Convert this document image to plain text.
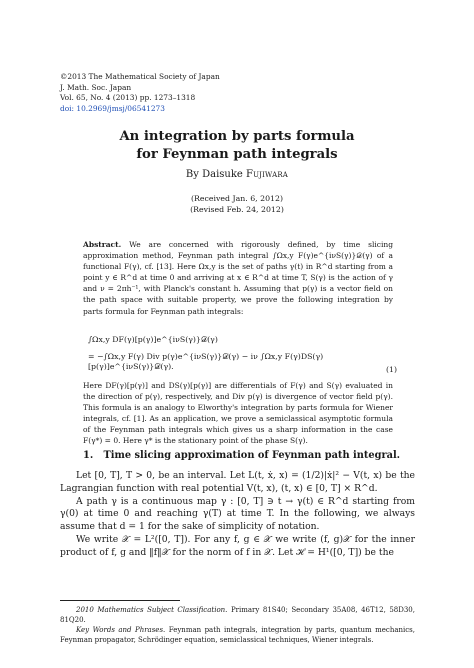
©2013 The Mathematical Society of Japan
J. Math. Soc. Japan
Vol. 65, No. 4 (2013) pp. 1273–1318
doi: 10.2969/jmsj/06541273
An integration by parts formula
for Feynman path integrals
By Daisuke Fujiwara
(Received Jan. 6, 2012)
(Revised Feb. 24, 2012)
Abstract. We are concerned with rigorously defined, by time slicing approximation method, Feynman path integral ∫Ωx,y F(γ)e^{iνS(γ)}𝒟(γ) of a functional F(γ), cf. [13]. Here Ωx,y is the set of paths γ(t) in R^d starting from a point y ∈ R^d at time 0 and arriving at x ∈ R^d at time T, S(γ) is the action of γ and ν = 2πh⁻¹, with Planck's constant h. Assuming that p(γ) is a vector field on the path space with suitable property, we prove the following integration by parts formula for Feynman path integrals:
∫Ωx,y DF(γ)[p(γ)]e^{iνS(γ)}𝒟(γ)
= −∫Ωx,y F(γ) Div p(γ)e^{iνS(γ)}𝒟(γ) − iν ∫Ωx,y F(γ)DS(γ)[p(γ)]e^{iνS(γ)}𝒟(γ).	(1)
Here DF(γ)[p(γ)] and DS(γ)[p(γ)] are differentials of F(γ) and S(γ) evaluated in the direction of p(γ), respectively, and Div p(γ) is divergence of vector field p(γ). This formula is an analogy to Elworthy's integration by parts formula for Wiener integrals, cf. [1]. As an application, we prove a semiclassical asymptotic formula of the Feynman path integrals which gives us a sharp information in the case F(γ*) = 0. Here γ* is the stationary point of the phase S(γ).
1. Time slicing approximation of Feynman path integral.

Let [0, T], T > 0, be an interval. Let L(t, ẋ, x) = (1/2)|ẋ|² − V(t, x) be the Lagrangian function with real potential V(t, x), (t, x) ∈ [0, T] × R^d.

A path γ is a continuous map γ : [0, T] ∋ t → γ(t) ∈ R^d starting from γ(0) at time 0 and reaching γ(T) at time T. In the following, we always assume that d = 1 for the sake of simplicity of notation.

We write 𝒳 = L²([0, T]). For any f, g ∈ 𝒳 we write (f, g)𝒳 for the inner product of f, g and ‖f‖𝒳 for the norm of f in 𝒳. Let ℋ = H¹([0, T]) be the

2010 Mathematics Subject Classification. Primary 81S40; Secondary 35A08, 46T12, 58D30, 81Q20.

Key Words and Phrases. Feynman path integrals, integration by parts, quantum mechanics, Feynman propagator, Schrödinger equation, semiclassical techniques, Wiener integrals.
